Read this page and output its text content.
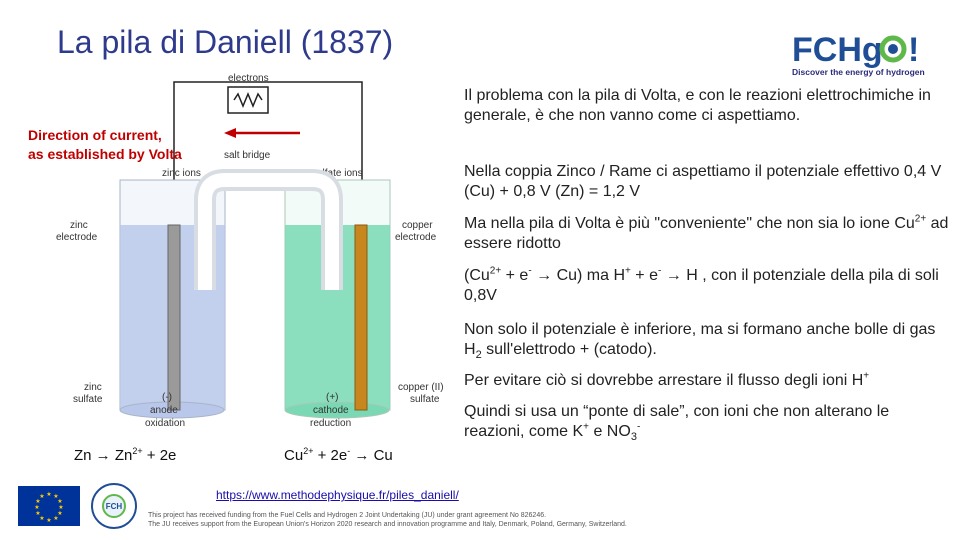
La pila di Daniell (1837)	FCHg !
Discover the energy of hydrogen
electrons
salt bridge
zinc ions	sulfate ions
zinc
electrode
copper
electrode
zinc
sulfate
copper (II)
sulfate
(-)
anode
oxidation
(+)
cathode
reduction
Direction of current,
as established by Volta
$Zn \to Zn^{2+} + 2e$	$Cu^{2+} + 2e^- \to Cu$

Il problema con la pila di Volta, e con le reazioni elettrochimiche in generale, è che non vanno come ci aspettiamo.

Nella coppia Zinco / Rame ci aspettiamo il potenziale effettivo 0,4 V (Cu) + 0,8 V (Zn) = 1,2 V

Ma nella pila di Volta è più "conveniente" che non sia lo ione $Cu^{2+}$ ad essere ridotto

$(Cu^{2+} + e^- \to Cu)$ ma H+ + e- → H , con il potenziale della pila di soli 0,8V

Non solo il potenziale è inferiore, ma si formano anche bolle di gas $H_2$ sull'elettrodo + (catodo).

Per evitare ciò si dovrebbe arrestare il flusso degli ioni H+

Quindi si usa un “ponte di sale”, con ioni che non alterano le reazioni, come K+ e $NO_3^-$

https://www.methodephysique.fr/piles_daniell/
★ ★
★
★
★
★
★
★
★
★
★
★
FCH
This project has received funding from the Fuel Cells and Hydrogen 2 Joint Undertaking (JU) under grant agreement No 826246.
The JU receives support from the European Union's Horizon 2020 research and innovation programme and Italy, Denmark, Poland, Germany, Switzerland.
